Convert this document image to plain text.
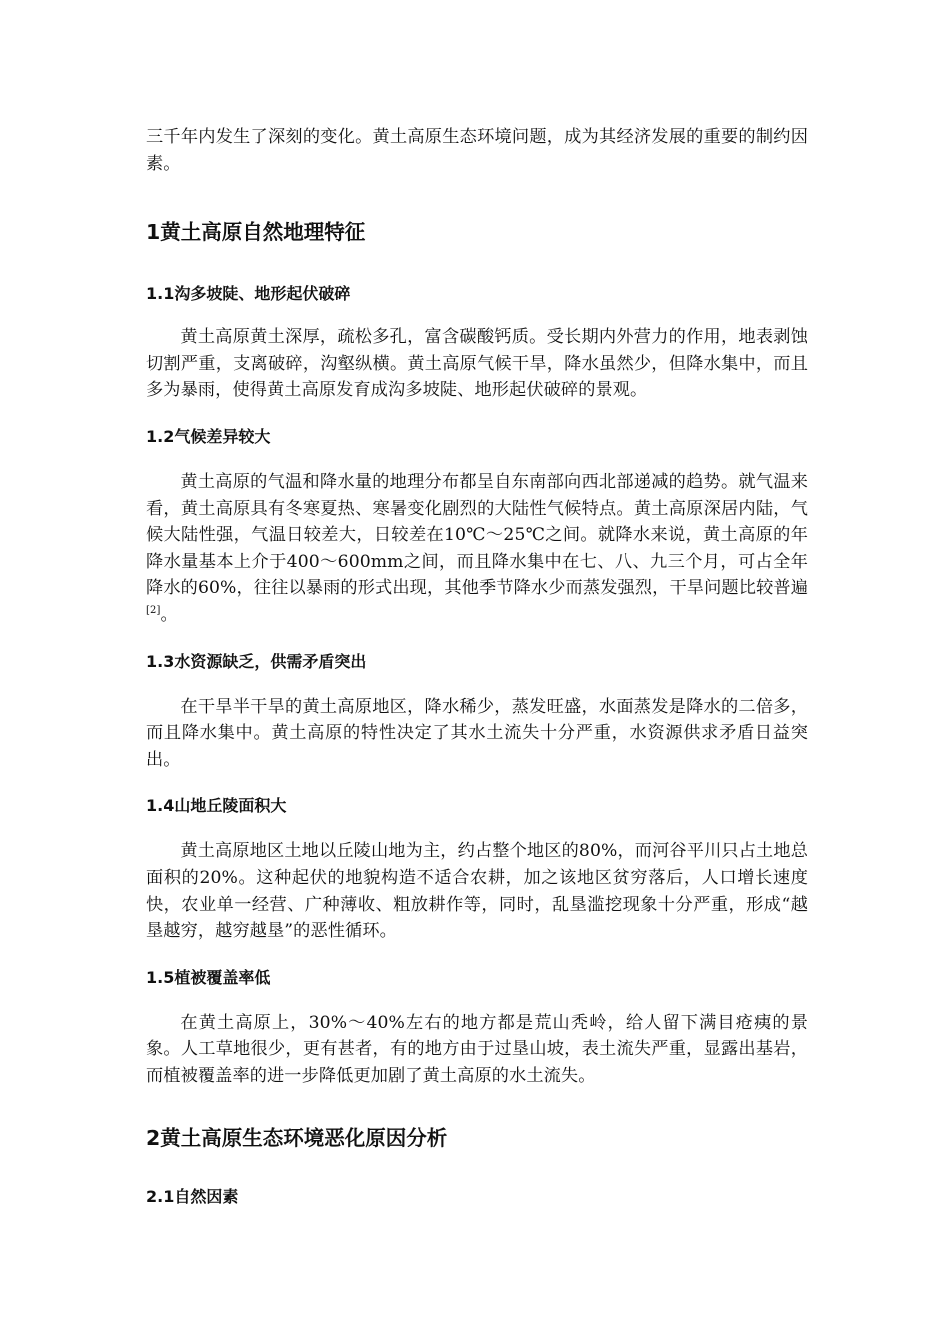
三千年内发生了深刻的变化。黄土高原生态环境问题，成为其经济发展的重要的制约因素。

1黄土高原自然地理特征
1.1沟多坡陡、地形起伏破碎

黄土高原黄土深厚，疏松多孔，富含碳酸钙质。受长期内外营力的作用，地表剥蚀切割严重，支离破碎，沟壑纵横。黄土高原气候干旱，降水虽然少，但降水集中，而且多为暴雨，使得黄土高原发育成沟多坡陡、地形起伏破碎的景观。

1.2气候差异较大

黄土高原的气温和降水量的地理分布都呈自东南部向西北部递减的趋势。就气温来看，黄土高原具有冬寒夏热、寒暑变化剧烈的大陆性气候特点。黄土高原深居内陆，气候大陆性强，气温日较差大，日较差在10℃～25℃之间。就降水来说，黄土高原的年降水量基本上介于400～600mm之间，而且降水集中在七、八、九三个月，可占全年降水的60%，往往以暴雨的形式出现，其他季节降水少而蒸发强烈，干旱问题比较普遍[2]。

1.3水资源缺乏，供需矛盾突出

在干旱半干旱的黄土高原地区，降水稀少，蒸发旺盛，水面蒸发是降水的二倍多，而且降水集中。黄土高原的特性决定了其水土流失十分严重，水资源供求矛盾日益突出。

1.4山地丘陵面积大

黄土高原地区土地以丘陵山地为主，约占整个地区的80%，而河谷平川只占土地总面积的20%。这种起伏的地貌构造不适合农耕，加之该地区贫穷落后，人口增长速度快，农业单一经营、广种薄收、粗放耕作等，同时，乱垦滥挖现象十分严重，形成“越垦越穷，越穷越垦”的恶性循环。

1.5植被覆盖率低

在黄土高原上，30%～40%左右的地方都是荒山秃岭，给人留下满目疮痍的景象。人工草地很少，更有甚者，有的地方由于过垦山坡，表土流失严重，显露出基岩，而植被覆盖率的进一步降低更加剧了黄土高原的水土流失。

2黄土高原生态环境恶化原因分析
2.1自然因素
